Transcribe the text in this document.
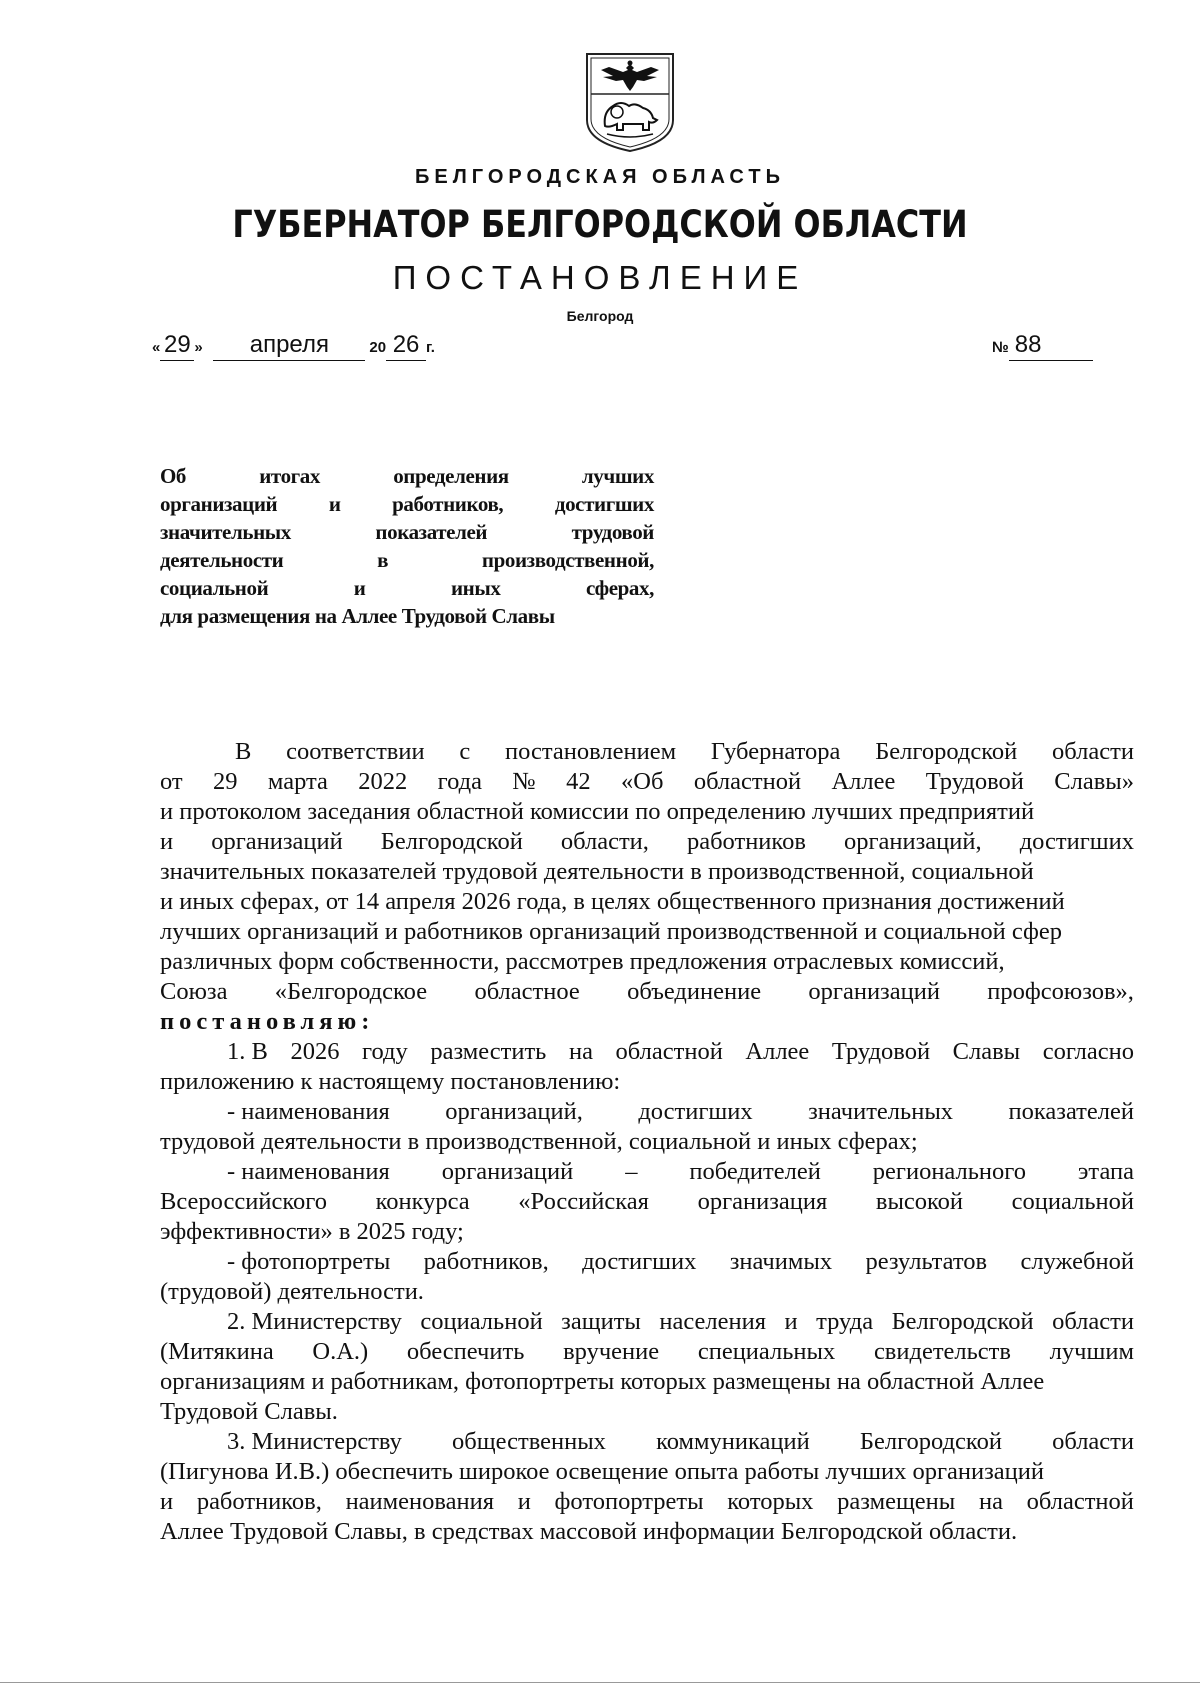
БЕЛГОРОДСКАЯ ОБЛАСТЬ
ГУБЕРНАТОР БЕЛГОРОДСКОЙ ОБЛАСТИ
ПОСТАНОВЛЕНИЕ
Белгород
« 29 » апреля	20 26 г.	№ 88
Об	итогах	определения	лучших
организаций и работников, достигших
значительных	показателей	трудовой
деятельности	в	производственной,
социальной	и	иных	сферах,
для размещения на Аллее Трудовой Славы
В соответствии с постановлением Губернатора Белгородской области
от 29 марта 2022 года № 42 «Об областной Аллее Трудовой Славы»
и протоколом заседания областной комиссии по определению лучших предприятий
и организаций Белгородской области, работников организаций, достигших
значительных показателей трудовой деятельности в производственной, социальной
и иных сферах, от 14 апреля 2026 года, в целях общественного признания достижений
лучших организаций и работников организаций производственной и социальной сфер
различных форм собственности, рассмотрев предложения отраслевых комиссий,
Союза «Белгородское областное объединение организаций профсоюзов»,
постановляю:
1. В 2026 году разместить на областной Аллее Трудовой Славы согласно
приложению к настоящему постановлению:
- наименования организаций, достигших значительных показателей
трудовой деятельности в производственной, социальной и иных сферах;
- наименования организаций – победителей регионального этапа
Всероссийского конкурса «Российская организация высокой социальной
эффективности» в 2025 году;
- фотопортреты работников, достигших значимых результатов служебной
(трудовой) деятельности.
2. Министерству социальной защиты населения и труда Белгородской области
(Митякина О.А.) обеспечить вручение специальных свидетельств лучшим
организациям и работникам, фотопортреты которых размещены на областной Аллее
Трудовой Славы.
3. Министерству общественных коммуникаций Белгородской области
(Пигунова И.В.) обеспечить широкое освещение опыта работы лучших организаций
и работников, наименования и фотопортреты которых размещены на областной
Аллее Трудовой Славы, в средствах массовой информации Белгородской области.
